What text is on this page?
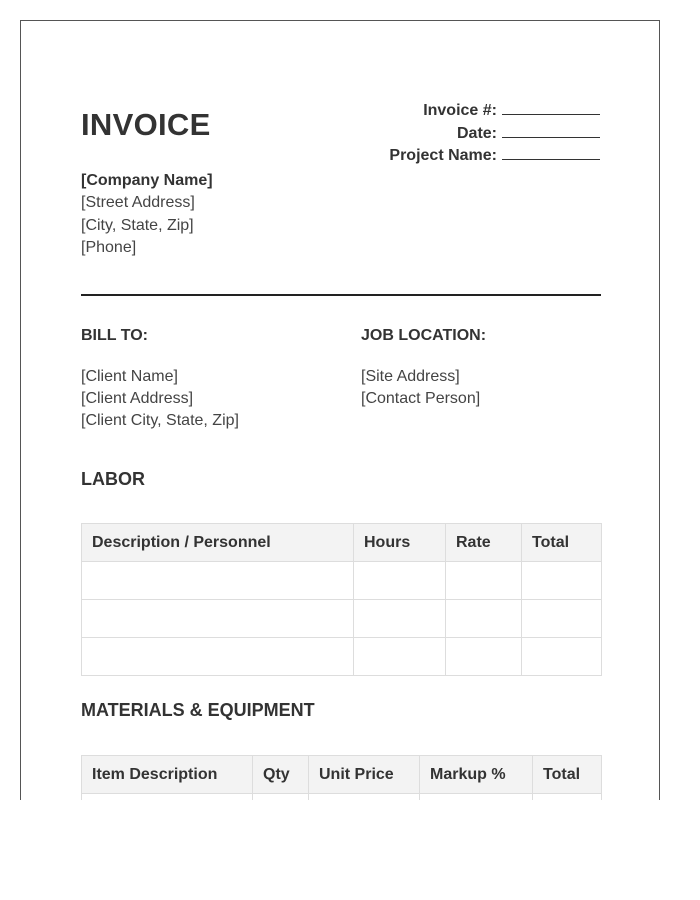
INVOICE	Invoice #:
Date:
Project Name:
[Company Name]
[Street Address]
[City, State, Zip]
[Phone]
BILL TO:
[Client Name]
[Client Address]
[Client City, State, Zip]
JOB LOCATION:
[Site Address]
[Contact Person]
LABOR
Description / Personnel	Hours	Rate	Total

MATERIALS & EQUIPMENT
Item Description	Qty	Unit Price	Markup %	Total
